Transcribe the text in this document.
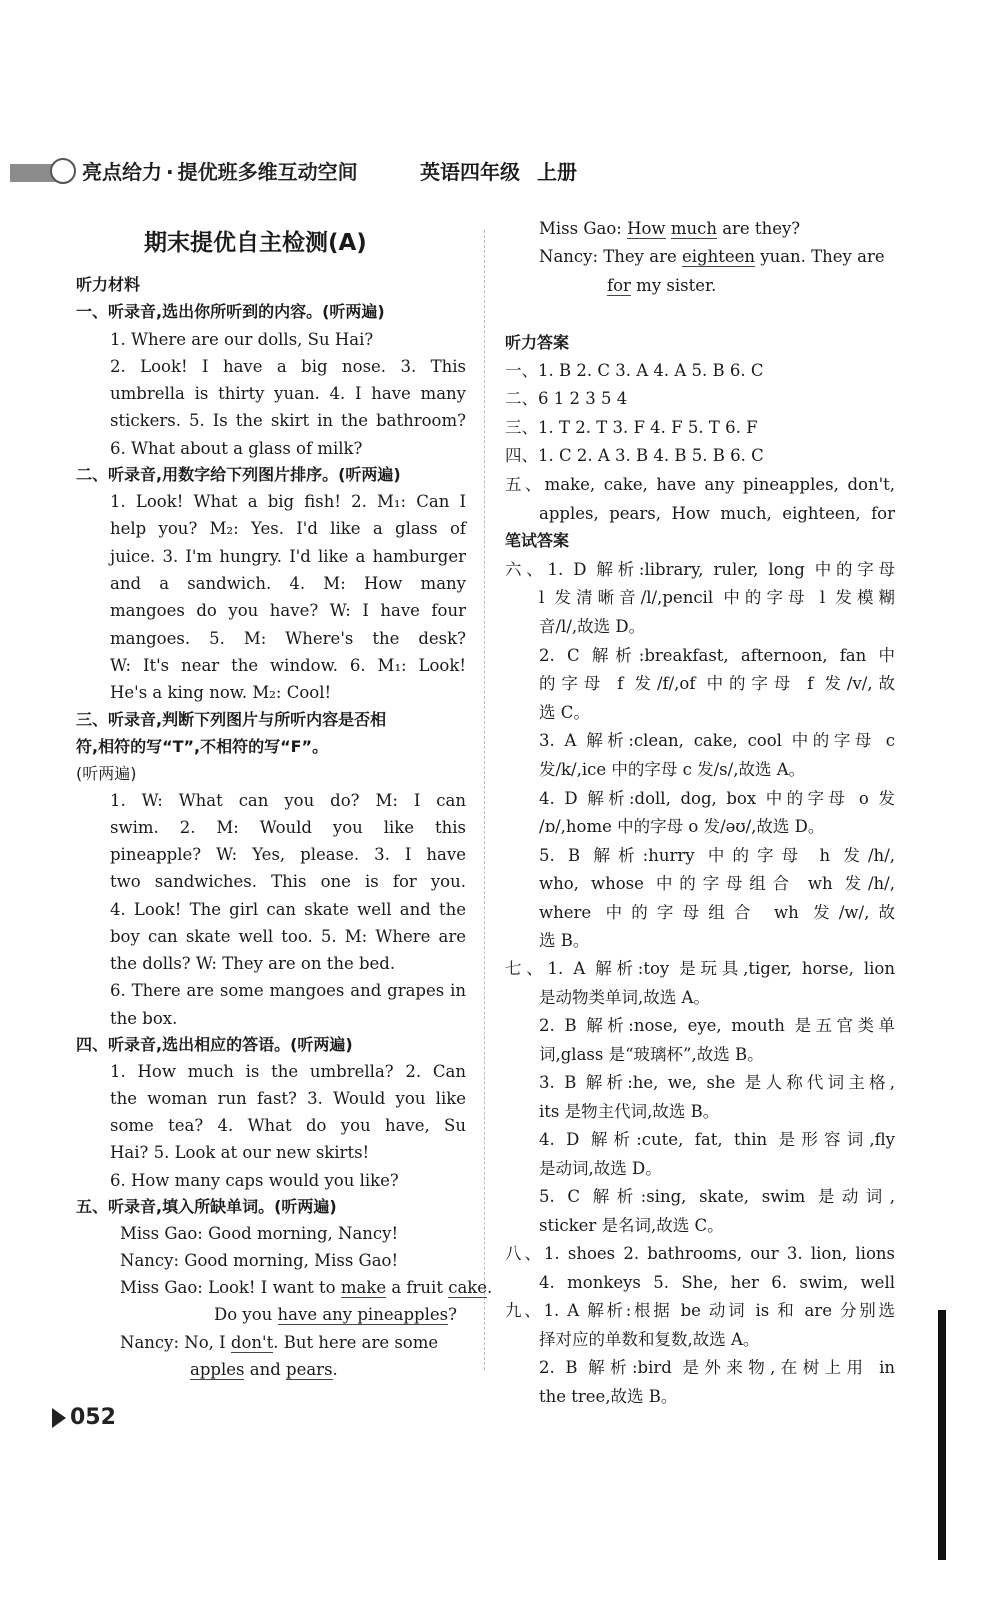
亮点给力 · 提优班多维互动空间	英语四年级 上册
期末提优自主检测(A)
听力材料
一、听录音,选出你所听到的内容。(听两遍)
1. Where are our dolls, Su Hai?
2. Look! I have a big nose. 3. This
umbrella is thirty yuan. 4. I have many
stickers. 5. Is the skirt in the bathroom?
6. What about a glass of milk?
二、听录音,用数字给下列图片排序。(听两遍)
1. Look! What a big fish! 2. M₁: Can I
help you? M₂: Yes. I'd like a glass of
juice. 3. I'm hungry. I'd like a hamburger
and a sandwich. 4. M: How many
mangoes do you have? W: I have four
mangoes. 5. M: Where's the desk?
W: It's near the window. 6. M₁: Look!
He's a king now. M₂: Cool!
三、听录音,判断下列图片与所听内容是否相
符,相符的写“T”,不相符的写“F”。
(听两遍)
1. W: What can you do? M: I can
swim. 2. M: Would you like this
pineapple? W: Yes, please. 3. I have
two sandwiches. This one is for you.
4. Look! The girl can skate well and the
boy can skate well too. 5. M: Where are
the dolls? W: They are on the bed.
6. There are some mangoes and grapes in
the box.
四、听录音,选出相应的答语。(听两遍)
1. How much is the umbrella? 2. Can
the woman run fast? 3. Would you like
some tea? 4. What do you have, Su
Hai? 5. Look at our new skirts!
6. How many caps would you like?
五、听录音,填入所缺单词。(听两遍)
Miss Gao: Good morning, Nancy!
Nancy: Good morning, Miss Gao!
Miss Gao: Look! I want to make a fruit cake.
Do you have any pineapples?
Nancy: No, I don't. But here are some
apples and pears.
Miss Gao: How much are they?
Nancy: They are eighteen yuan. They are
for my sister.
听力答案
一、1. B 2. C 3. A 4. A 5. B 6. C
二、6 1 2 3 5 4
三、1. T 2. T 3. F 4. F 5. T 6. F
四、1. C 2. A 3. B 4. B 5. B 6. C
五、make, cake, have any pineapples, don't,
apples, pears, How much, eighteen, for
笔试答案
六、1. D 解析:library, ruler, long 中的字母
l 发清晰音/l/,pencil 中的字母 l 发模糊
音/l/,故选 D。
2. C 解析:breakfast, afternoon, fan 中
的字母 f 发/f/,of 中的字母 f 发/v/,故
选 C。
3. A 解析:clean, cake, cool 中的字母 c
发/k/,ice 中的字母 c 发/s/,故选 A。
4. D 解析:doll, dog, box 中的字母 o 发
/ɒ/,home 中的字母 o 发/əʊ/,故选 D。
5. B 解析:hurry 中的字母 h 发/h/,
who, whose 中的字母组合 wh 发/h/,
where 中的字母组合 wh 发/w/,故
选 B。
七、1. A 解析:toy 是玩具,tiger, horse, lion
是动物类单词,故选 A。
2. B 解析:nose, eye, mouth 是五官类单
词,glass 是“玻璃杯”,故选 B。
3. B 解析:he, we, she 是人称代词主格,
its 是物主代词,故选 B。
4. D 解析:cute, fat, thin 是形容词,fly
是动词,故选 D。
5. C 解析:sing, skate, swim 是动词,
sticker 是名词,故选 C。
八、1. shoes 2. bathrooms, our 3. lion, lions
4. monkeys 5. She, her 6. swim, well
九、1. A 解析:根据 be 动词 is 和 are 分别选
择对应的单数和复数,故选 A。
2. B 解析:bird 是外来物,在树上用 in
the tree,故选 B。
052
